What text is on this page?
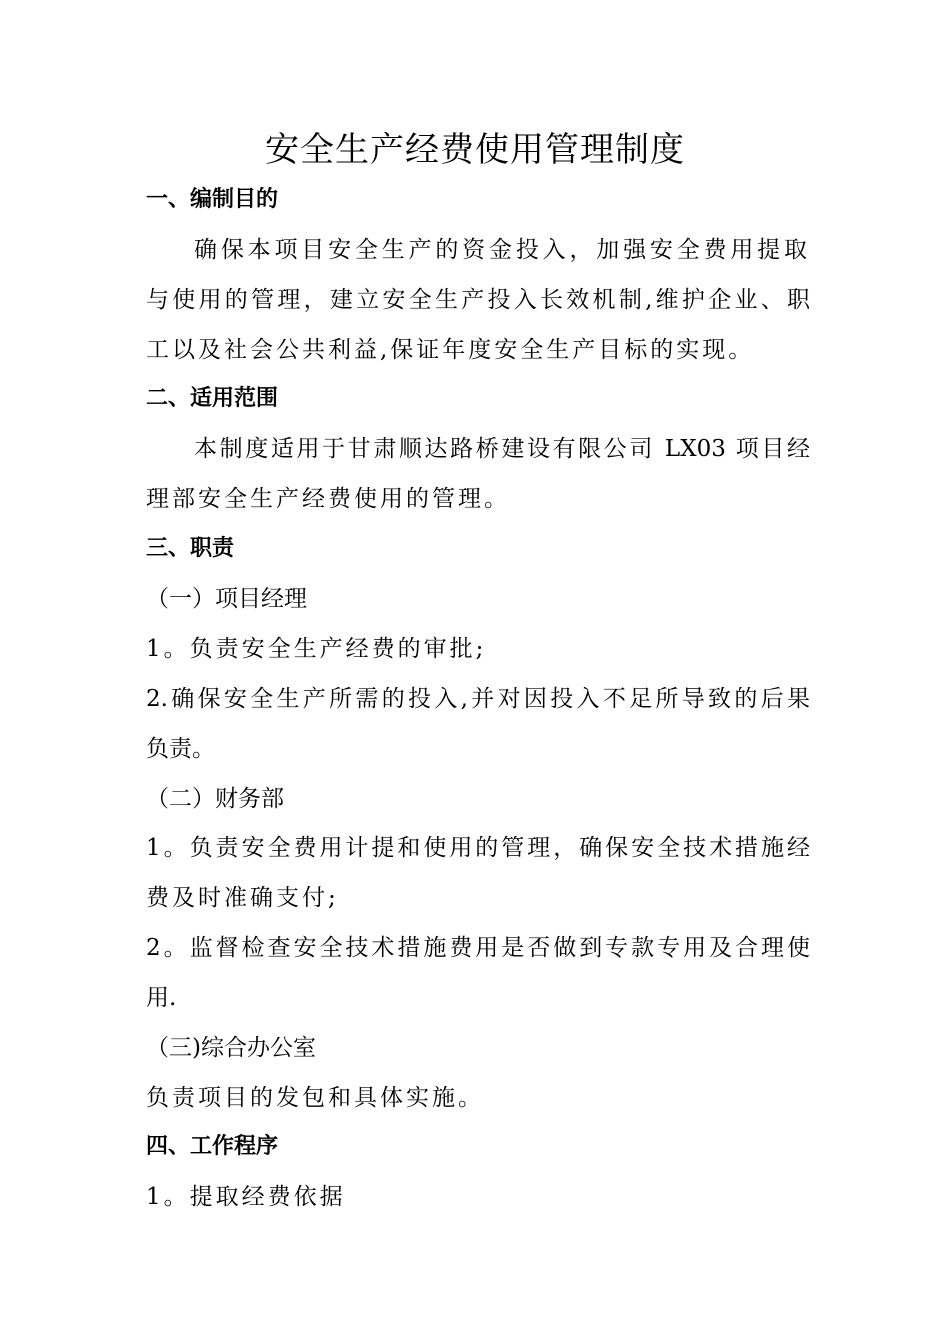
安全生产经费使用管理制度

一、编制目的

确保本项目安全生产的资金投入，加强安全费用提取

与使用的管理，建立安全生产投入长效机制,维护企业、职

工以及社会公共利益,保证年度安全生产目标的实现。

二、适用范围

本制度适用于甘肃顺达路桥建设有限公司 LX03 项目经

理部安全生产经费使用的管理。

三、职责

（一）项目经理

1。负责安全生产经费的审批;

2.确保安全生产所需的投入,并对因投入不足所导致的后果

负责。

（二）财务部

1。负责安全费用计提和使用的管理，确保安全技术措施经

费及时准确支付;

2。监督检查安全技术措施费用是否做到专款专用及合理使

用.

（三)综合办公室

负责项目的发包和具体实施。

四、工作程序

1。提取经费依据
